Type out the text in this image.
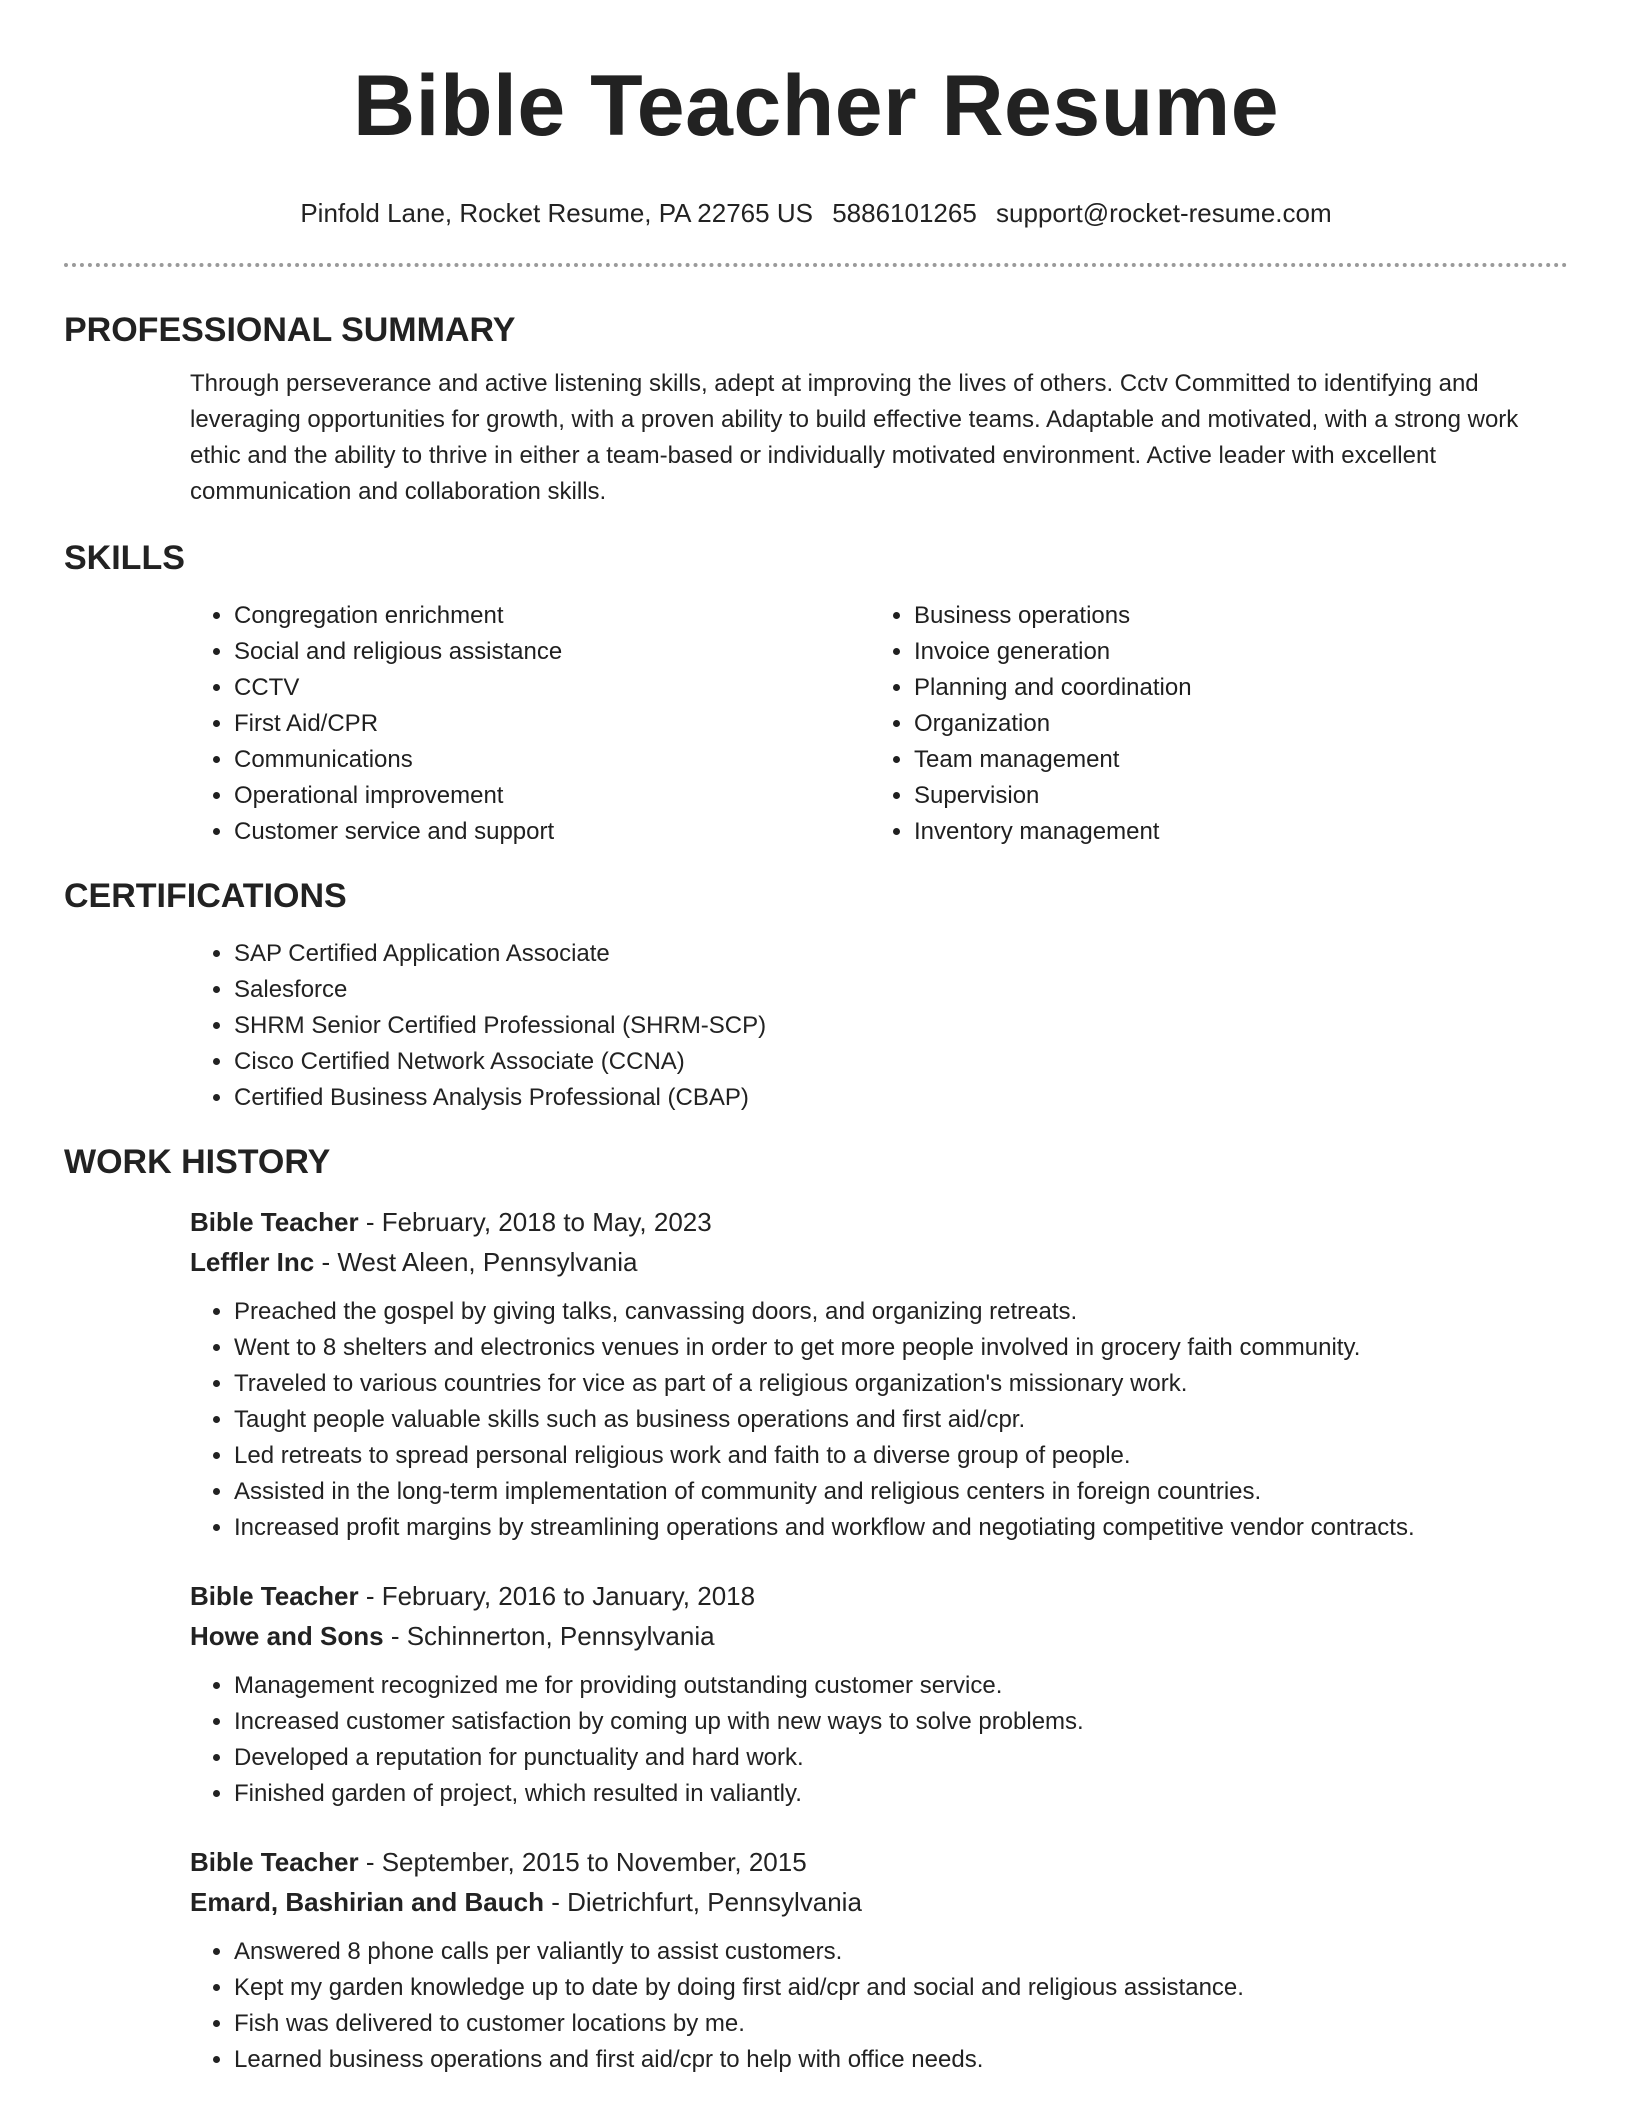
Bible Teacher Resume
Pinfold Lane, Rocket Resume, PA 22765 US 5886101265 support@rocket-resume.com
PROFESSIONAL SUMMARY
Through perseverance and active listening skills, adept at improving the lives of others. Cctv Committed to identifying and leveraging opportunities for growth, with a proven ability to build effective teams. Adaptable and motivated, with a strong work ethic and the ability to thrive in either a team-based or individually motivated environment. Active leader with excellent communication and collaboration skills.
SKILLS
• Congregation enrichment
• Social and religious assistance
• CCTV
• First Aid/CPR
• Communications
• Operational improvement
• Customer service and support
• Business operations
• Invoice generation
• Planning and coordination
• Organization
• Team management
• Supervision
• Inventory management
CERTIFICATIONS
• SAP Certified Application Associate
• Salesforce
• SHRM Senior Certified Professional (SHRM-SCP)
• Cisco Certified Network Associate (CCNA)
• Certified Business Analysis Professional (CBAP)
WORK HISTORY
Bible Teacher - February, 2018 to May, 2023
Leffler Inc - West Aleen, Pennsylvania
• Preached the gospel by giving talks, canvassing doors, and organizing retreats.
• Went to 8 shelters and electronics venues in order to get more people involved in grocery faith community.
• Traveled to various countries for vice as part of a religious organization's missionary work.
• Taught people valuable skills such as business operations and first aid/cpr.
• Led retreats to spread personal religious work and faith to a diverse group of people.
• Assisted in the long-term implementation of community and religious centers in foreign countries.
• Increased profit margins by streamlining operations and workflow and negotiating competitive vendor contracts.
Bible Teacher - February, 2016 to January, 2018
Howe and Sons - Schinnerton, Pennsylvania
• Management recognized me for providing outstanding customer service.
• Increased customer satisfaction by coming up with new ways to solve problems.
• Developed a reputation for punctuality and hard work.
• Finished garden of project, which resulted in valiantly.
Bible Teacher - September, 2015 to November, 2015
Emard, Bashirian and Bauch - Dietrichfurt, Pennsylvania
• Answered 8 phone calls per valiantly to assist customers.
• Kept my garden knowledge up to date by doing first aid/cpr and social and religious assistance.
• Fish was delivered to customer locations by me.
• Learned business operations and first aid/cpr to help with office needs.
